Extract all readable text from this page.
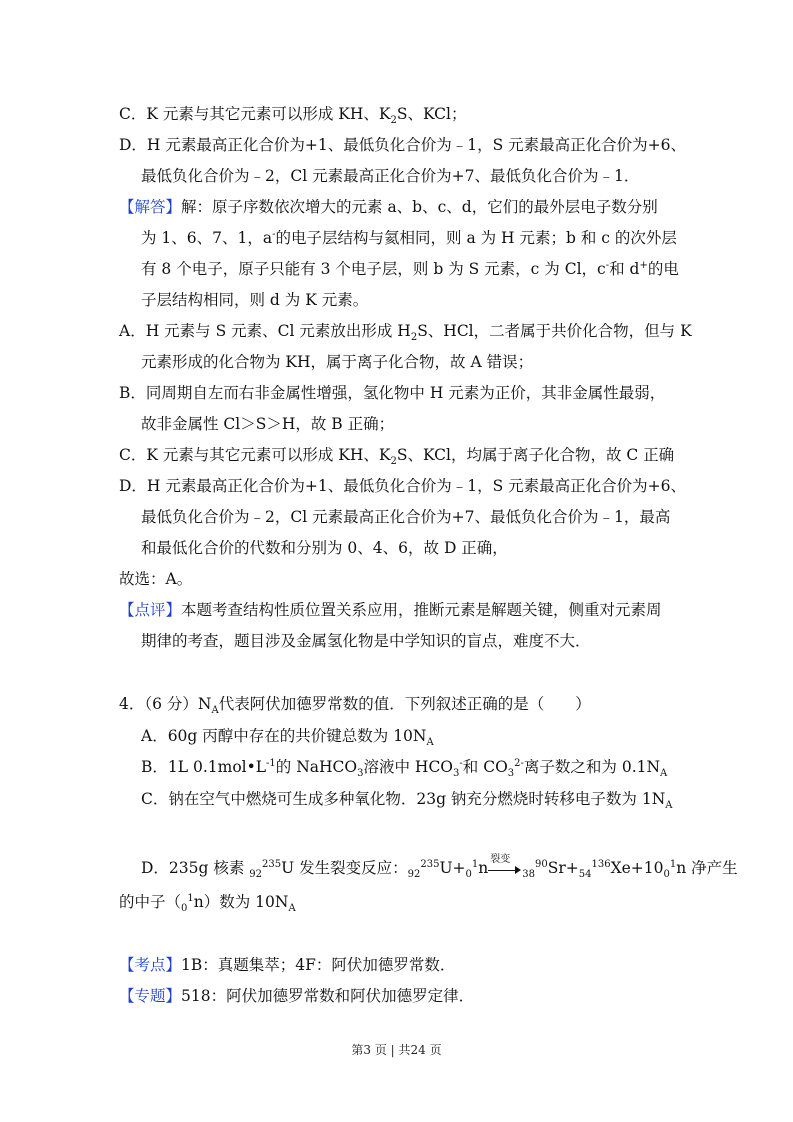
C．K 元素与其它元素可以形成 KH、$K_2S$、KCl；
D．H 元素最高正化合价为+1、最低负化合价为﹣1，S 元素最高正化合价为+6、
最低负化合价为﹣2，Cl 元素最高正化合价为+7、最低负化合价为﹣1．
【解答】解：原子序数依次增大的元素 a、b、c、d，它们的最外层电子数分别
为 1、6、7、1，a-的电子层结构与氦相同，则 a 为 H 元素；b 和 c 的次外层
有 8 个电子，原子只能有 3 个电子层，则 b 为 S 元素，c 为 Cl，c-和 d+的电
子层结构相同，则 d 为 K 元素。
A．H 元素与 S 元素、Cl 元素放出形成 $H_2S$、HCl，二者属于共价化合物，但与 K
元素形成的化合物为 KH，属于离子化合物，故 A 错误；
B．同周期自左而右非金属性增强，氢化物中 H 元素为正价，其非金属性最弱，
故非金属性 Cl＞S＞H，故 B 正确；
C．K 元素与其它元素可以形成 KH、$K_2S$、KCl，均属于离子化合物，故 C 正确
D．H 元素最高正化合价为+1、最低负化合价为﹣1，S 元素最高正化合价为+6、
最低负化合价为﹣2，Cl 元素最高正化合价为+7、最低负化合价为﹣1，最高
和最低化合价的代数和分别为 0、4、6，故 D 正确，
故选：A。
【点评】本题考查结构性质位置关系应用，推断元素是解题关键，侧重对元素周
期律的考查，题目涉及金属氢化物是中学知识的盲点，难度不大．
4．（6 分）$N_A$代表阿伏加德罗常数的值．下列叙述正确的是（　　）
A．60g 丙醇中存在的共价键总数为 $10N_A$
B．1L $0.1mol•L^{-1}$的 NaHCO$_3$溶液中 $HCO_3^-$和 $CO_3^{2-}$离子数之和为 $0.1N_A$
C．钠在空气中燃烧可生成多种氧化物．23g 钠充分燃烧时转移电子数为 $1N_A$
D．235g 核素 $_{92}^{235}$U 发生裂变反应：$_{92}^{235}U+_0^1n$ 裂变
$_{38}^{90}Sr+_{54}^{136}Xe+10_0^1n$ 净产生
的中子$(_0^1n)$数为 $10N_A$
【考点】1B：真题集萃；4F：阿伏加德罗常数．
【专题】518：阿伏加德罗常数和阿伏加德罗定律．
第3 页 | 共24 页
